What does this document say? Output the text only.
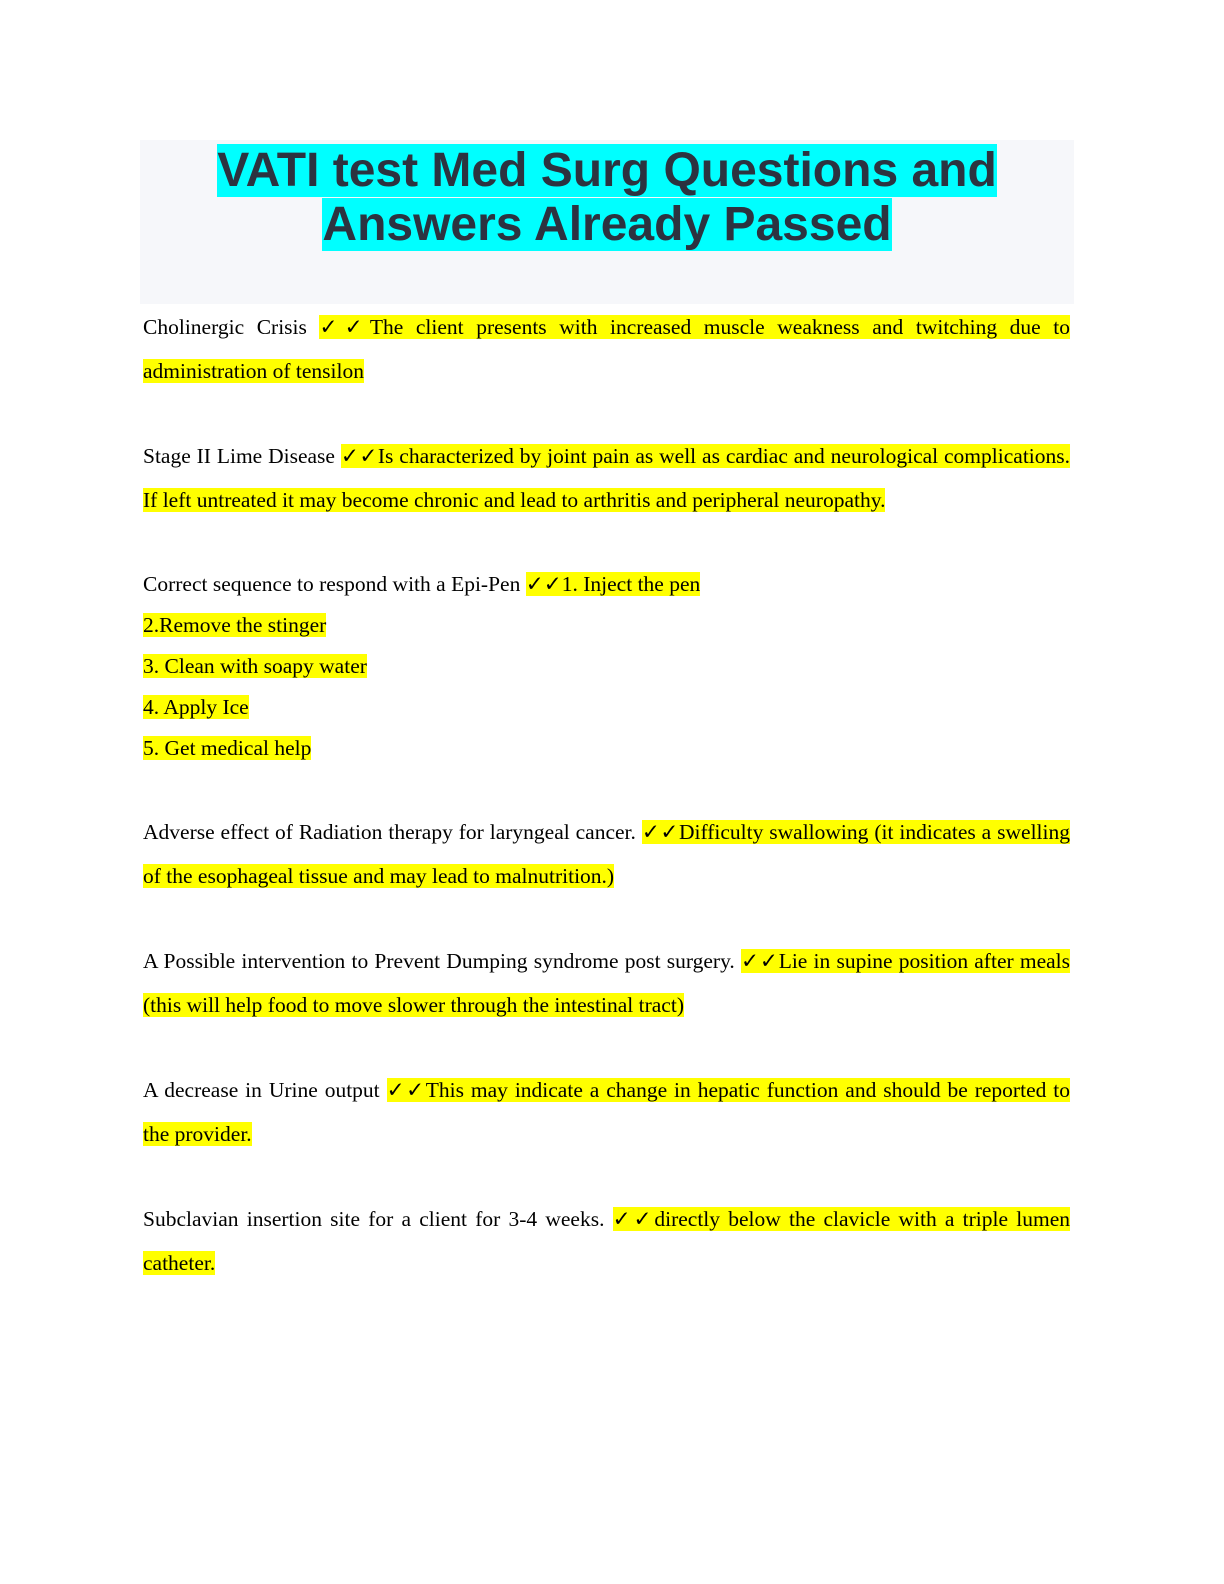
VATI test Med Surg Questions and
Answers Already Passed

Cholinergic Crisis ✓✓The client presents with increased muscle weakness and twitching due to administration of tensilon

Stage II Lime Disease ✓✓Is characterized by joint pain as well as cardiac and neurological complications. If left untreated it may become chronic and lead to arthritis and peripheral neuropathy.

Correct sequence to respond with a Epi-Pen ✓✓1. Inject the pen
2.Remove the stinger
3. Clean with soapy water
4. Apply Ice
5. Get medical help

Adverse effect of Radiation therapy for laryngeal cancer. ✓✓Difficulty swallowing (it indicates a swelling of the esophageal tissue and may lead to malnutrition.)

A Possible intervention to Prevent Dumping syndrome post surgery. ✓✓Lie in supine position after meals (this will help food to move slower through the intestinal tract)

A decrease in Urine output ✓✓This may indicate a change in hepatic function and should be reported to the provider.

Subclavian insertion site for a client for 3-4 weeks. ✓✓directly below the clavicle with a triple lumen catheter.
